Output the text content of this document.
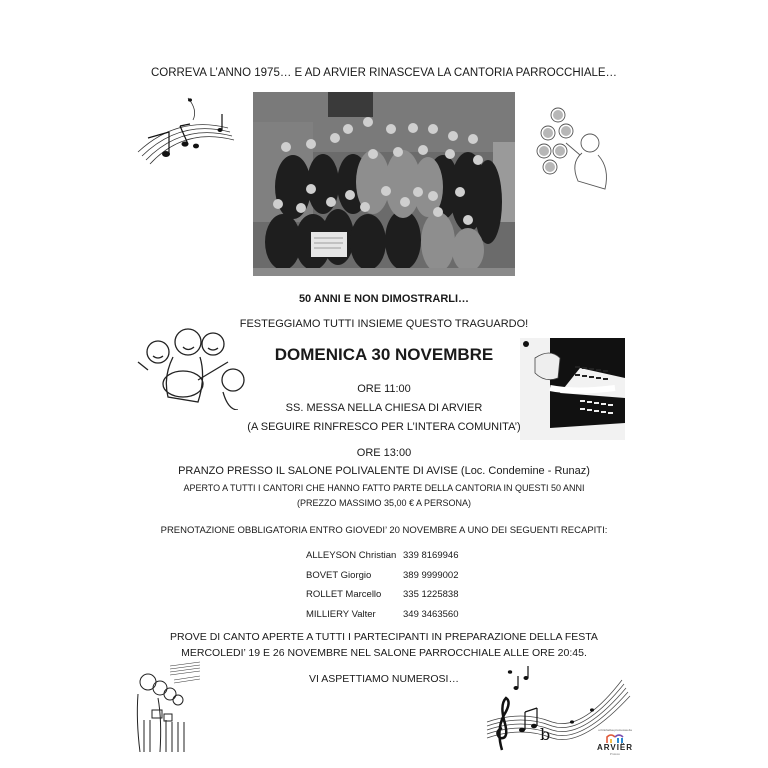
CORREVA L’ANNO 1975… E AD ARVIER RINASCEVA LA CANTORIA PARROCCHIALE…
50 ANNI E NON DIMOSTRARLI…
FESTEGGIAMO TUTTI INSIEME QUESTO TRAGUARDO!
DOMENICA 30 NOVEMBRE
ORE 11:00
SS. MESSA NELLA CHIESA DI ARVIER
(A SEGUIRE RINFRESCO PER L’INTERA COMUNITA’)
ORE 13:00
PRANZO PRESSO IL SALONE POLIVALENTE DI AVISE (Loc. Condemine - Runaz)
APERTO A TUTTI I CANTORI CHE HANNO FATTO PARTE DELLA CANTORIA IN QUESTI 50 ANNI
(PREZZO MASSIMO 35,00 € A PERSONA)
PRENOTAZIONE OBBLIGATORIA ENTRO GIOVEDI’ 20 NOVEMBRE A UNO DEI SEGUENTI RECAPITI:
ALLEYSON Christian 339 8169946
BOVET Giorgio	389 9999002
ROLLET Marcello	335 1225838
MILLIERY Valter	349 3463560
PROVE DI CANTO APERTE A TUTTI I PARTECIPANTI IN PREPARAZIONE DELLA FESTA
MERCOLEDI’ 19 E 26 NOVEMBRE NEL SALONE PARROCCHIALE ALLE ORE 20:45.
VI ASPETTIAMO NUMEROSI…
b	un'iniziativa promossa da
ARVIËR
Proloco
